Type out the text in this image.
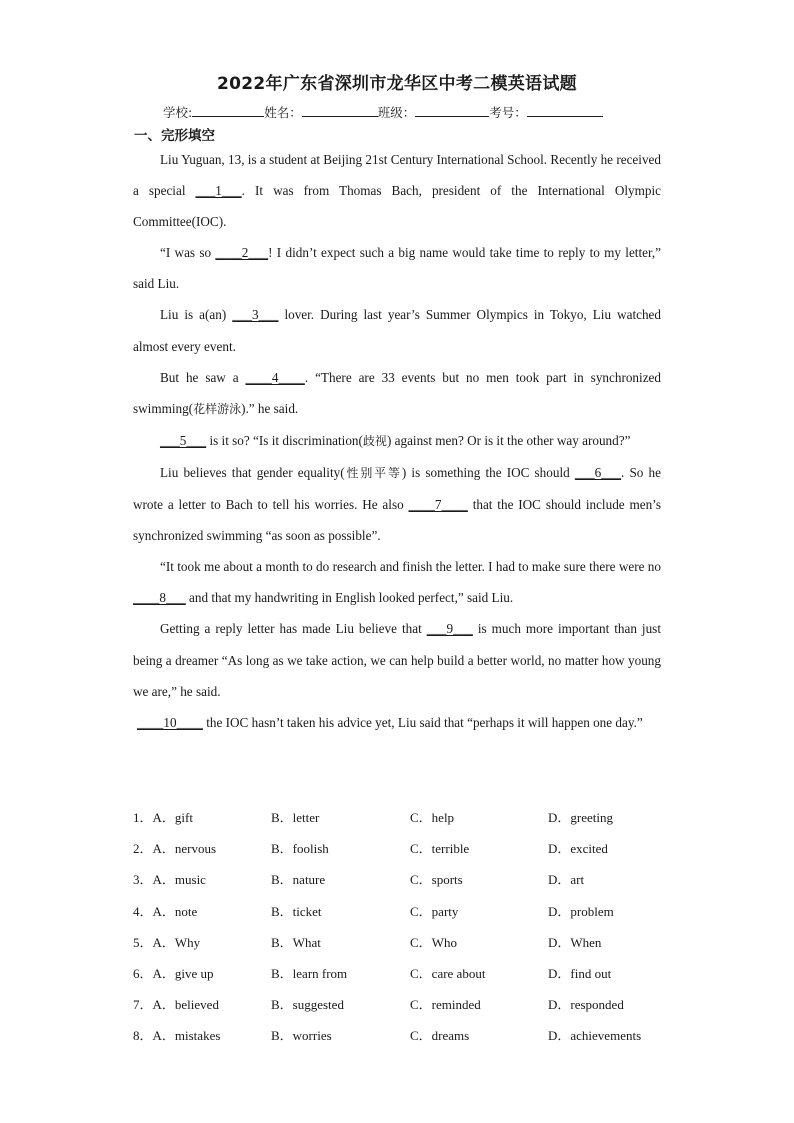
2022年广东省深圳市龙华区中考二模英语试题
学校:	姓名：	班级：	考号：
一、完形填空

Liu Yuguan, 13, is a student at Beijing 21st Century International School. Recently he received a special ___1___. It was from Thomas Bach, president of the International Olympic Committee(IOC).

“I was so ____2___! I didn’t expect such a big name would take time to reply to my letter,” said Liu.

Liu is a(an) ___3___ lover. During last year’s Summer Olympics in Tokyo, Liu watched almost every event.

But he saw a ____4____. “There are 33 events but no men took part in synchronized swimming(花样游泳).” he said.

___5___ is it so? “Is it discrimination(歧视) against men? Or is it the other way around?”

Liu believes that gender equality(性别平等) is something the IOC should ___6___. So he wrote a letter to Bach to tell his worries. He also ____7____ that the IOC should include men’s synchronized swimming “as soon as possible”.

“It took me about a month to do research and finish the letter. I had to make sure there were no ____8___ and that my handwriting in English looked perfect,” said Liu.

Getting a reply letter has made Liu believe that ___9___ is much more important than just being a dreamer “As long as we take action, we can help build a better world, no matter how young we are,” he said.

____10____ the IOC hasn’t taken his advice yet, Liu said that “perhaps it will happen one day.”

1．A．gift	B．letter	C．help	D．greeting
2．A．nervous	B．foolish	C．terrible	D．excited
3．A．music	B．nature	C．sports	D．art
4．A．note	B．ticket	C．party	D．problem
5．A．Why	B．What	C．Who	D．When
6．A．give up	B．learn from	C．care about	D．find out
7．A．believed	B．suggested	C．reminded	D．responded
8．A．mistakes	B．worries	C．dreams	D．achievements
